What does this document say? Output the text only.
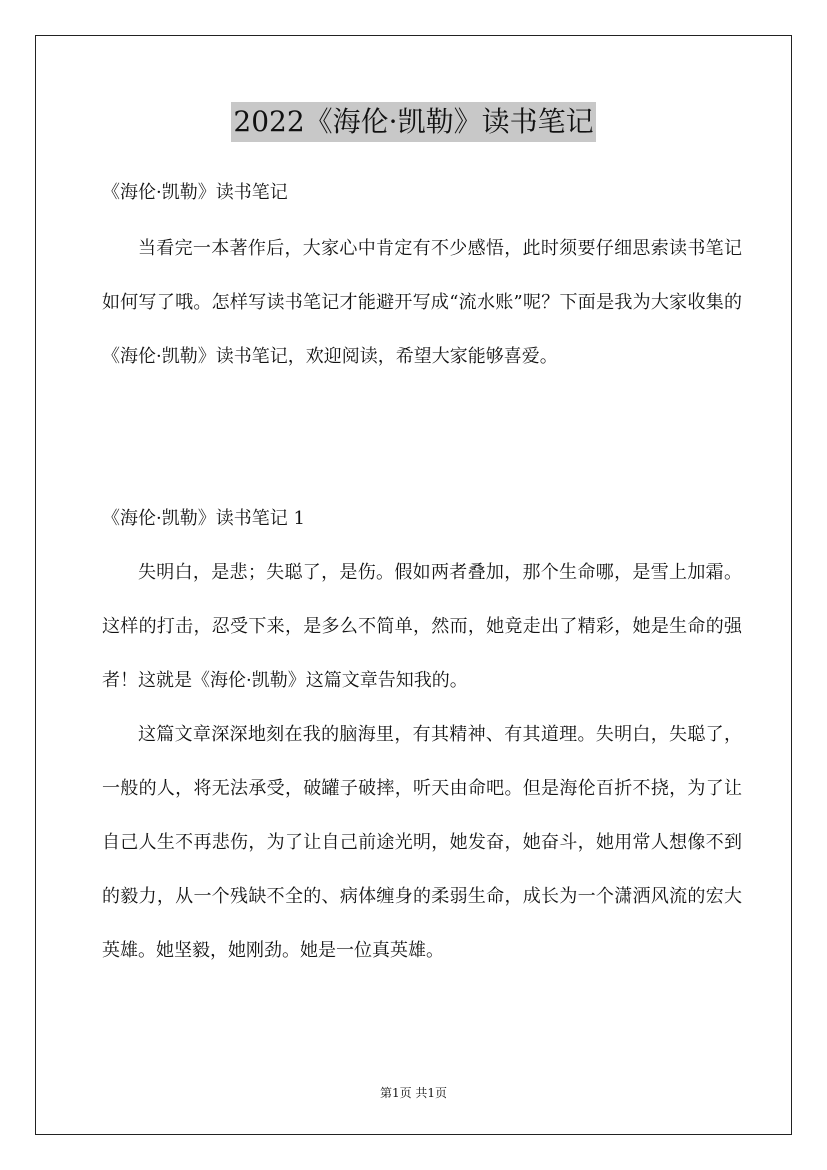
2022《海伦·凯勒》读书笔记

《海伦·凯勒》读书笔记

当看完一本著作后，大家心中肯定有不少感悟，此时须要仔细思索读书笔记如何写了哦。怎样写读书笔记才能避开写成“流水账”呢？下面是我为大家收集的《海伦·凯勒》读书笔记，欢迎阅读，希望大家能够喜爱。

《海伦·凯勒》读书笔记 1

失明白，是悲；失聪了，是伤。假如两者叠加，那个生命哪，是雪上加霜。这样的打击，忍受下来，是多么不简单，然而，她竟走出了精彩，她是生命的强者！这就是《海伦·凯勒》这篇文章告知我的。

这篇文章深深地刻在我的脑海里，有其精神、有其道理。失明白，失聪了，一般的人，将无法承受，破罐子破摔，听天由命吧。但是海伦百折不挠，为了让自己人生不再悲伤，为了让自己前途光明，她发奋，她奋斗，她用常人想像不到的毅力，从一个残缺不全的、病体缠身的柔弱生命，成长为一个潇洒风流的宏大英雄。她坚毅，她刚劲。她是一位真英雄。

第1页 共1页
